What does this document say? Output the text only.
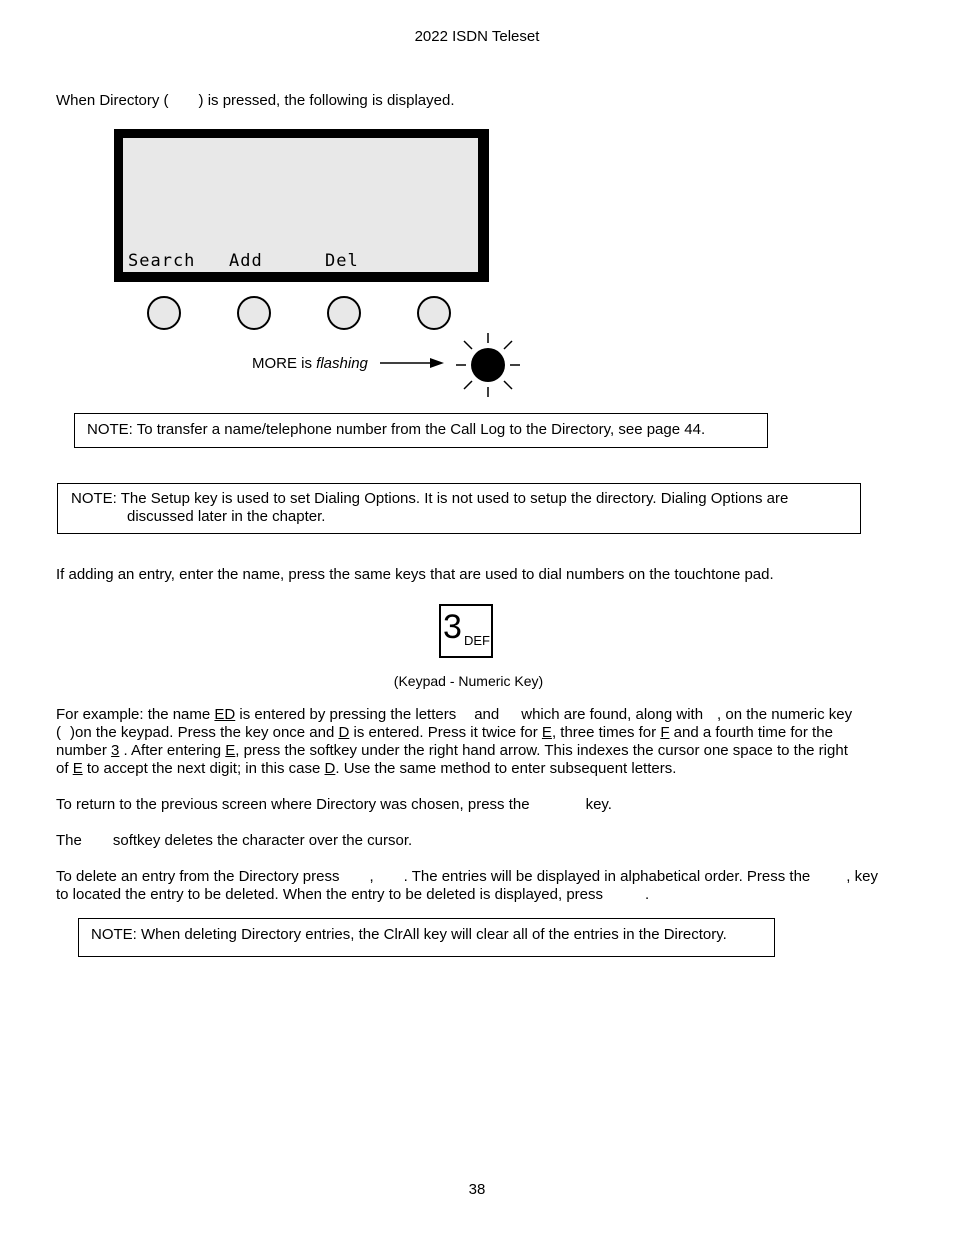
2022 ISDN Teleset
When Directory ( ) is pressed, the following is displayed.
Search Add	Del
MORE is flashing
NOTE: To transfer a name/telephone number from the Call Log to the Directory, see page 44.
NOTE: The Setup key is used to set Dialing Options. It is not used to setup the directory. Dialing Options are
discussed later in the chapter.
If adding an entry, enter the name, press the same keys that are used to dial numbers on the touchtone pad.
3 DEF
(Keypad - Numeric Key)
For example: the name ED is entered by pressing the letters and which are found, along with , on the numeric key
( )on the keypad. Press the key once and D is entered. Press it twice for E, three times for F and a fourth time for the
number 3 . After entering E, press the softkey under the right hand arrow. This indexes the cursor one space to the right
of E to accept the next digit; in this case D. Use the same method to enter subsequent letters.
To return to the previous screen where Directory was chosen, press the	key.
The softkey deletes the character over the cursor.
To delete an entry from the Directory press , . The entries will be displayed in alphabetical order. Press the , key
to located the entry to be deleted. When the entry to be deleted is displayed, press	.
NOTE: When deleting Directory entries, the ClrAll key will clear all of the entries in the Directory.
38
